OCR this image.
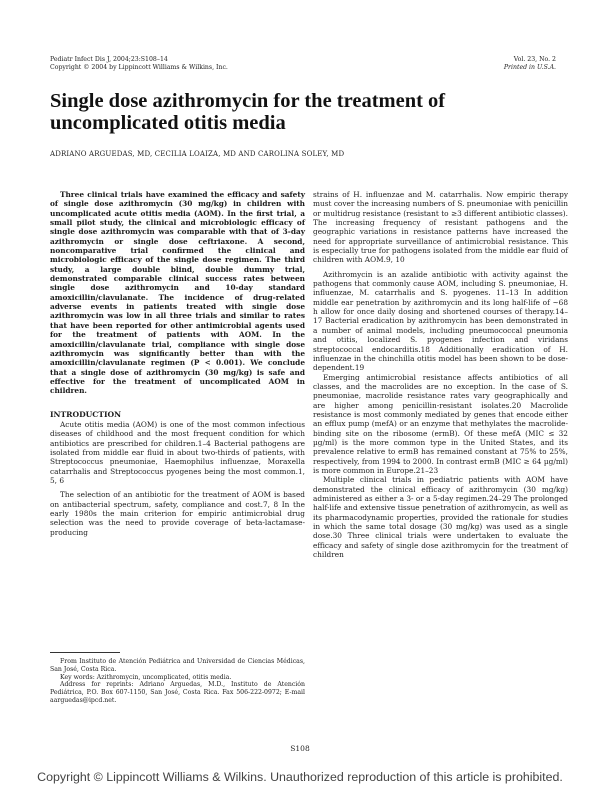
Pediatr Infect Dis J, 2004;23:S108–14
Copyright © 2004 by Lippincott Williams & Wilkins, Inc.
Vol. 23, No. 2
Printed in U.S.A.
Single dose azithromycin for the treatment of
uncomplicated otitis media
ADRIANO ARGUEDAS, MD, CECILIA LOAIZA, MD AND CAROLINA SOLEY, MD

Three clinical trials have examined the efficacy and safety of single dose azithromycin (30 mg/kg) in children with uncomplicated acute otitis media (AOM). In the first trial, a small pilot study, the clinical and microbiologic efficacy of single dose azithromycin was comparable with that of 3-day azithromycin or single dose ceftriaxone. A second, noncomparative trial confirmed the clinical and microbiologic efficacy of the single dose regimen. The third study, a large double blind, double dummy trial, demonstrated comparable clinical success rates between single dose azithromycin and 10-day standard amoxicillin/clavulanate. The incidence of drug-related adverse events in patients treated with single dose azithromycin was low in all three trials and similar to rates that have been reported for other antimicrobial agents used for the treatment of patients with AOM. In the amoxicillin/clavulanate trial, compliance with single dose azithromycin was significantly better than with the amoxicillin/clavulanate regimen (P < 0.001). We conclude that a single dose of azithromycin (30 mg/kg) is safe and effective for the treatment of uncomplicated AOM in children.

INTRODUCTION

Acute otitis media (AOM) is one of the most common infectious diseases of childhood and the most frequent condition for which antibiotics are prescribed for children.1–4 Bacterial pathogens are isolated from middle ear fluid in about two-thirds of patients, with Streptococcus pneumoniae, Haemophilus influenzae, Moraxella catarrhalis and Streptococcus pyogenes being the most common.1, 5, 6

The selection of an antibiotic for the treatment of AOM is based on antibacterial spectrum, safety, compliance and cost.7, 8 In the early 1980s the main criterion for empiric antimicrobial drug selection was the need to provide coverage of beta-lactamase-producing

strains of H. influenzae and M. catarrhalis. Now empiric therapy must cover the increasing numbers of S. pneumoniae with penicillin or multidrug resistance (resistant to ≥3 different antibiotic classes). The increasing frequency of resistant pathogens and the geographic variations in resistance patterns have increased the need for appropriate surveillance of antimicrobial resistance. This is especially true for pathogens isolated from the middle ear fluid of children with AOM.9, 10

Azithromycin is an azalide antibiotic with activity against the pathogens that commonly cause AOM, including S. pneumoniae, H. influenzae, M. catarrhalis and S. pyogenes. 11–13 In addition middle ear penetration by azithromycin and its long half-life of ~68 h allow for once daily dosing and shortened courses of therapy.14–17 Bacterial eradication by azithromycin has been demonstrated in a number of animal models, including pneumococcal pneumonia and otitis, localized S. pyogenes infection and viridans streptococcal endocarditis.18 Additionally eradication of H. influenzae in the chinchilla otitis model has been shown to be dose-dependent.19

Emerging antimicrobial resistance affects antibiotics of all classes, and the macrolides are no exception. In the case of S. pneumoniae, macrolide resistance rates vary geographically and are higher among penicillin-resistant isolates.20 Macrolide resistance is most commonly mediated by genes that encode either an efflux pump (mefA) or an enzyme that methylates the macrolide-binding site on the ribosome (ermB). Of these mefA (MIC ≤ 32 µg/ml) is the more common type in the United States, and its prevalence relative to ermB has remained constant at 75% to 25%, respectively, from 1994 to 2000. In contrast ermB (MIC ≥ 64 µg/ml) is more common in Europe.21–23

Multiple clinical trials in pediatric patients with AOM have demonstrated the clinical efficacy of azithromycin (30 mg/kg) administered as either a 3- or a 5-day regimen.24–29 The prolonged half-life and extensive tissue penetration of azithromycin, as well as its pharmacodynamic properties, provided the rationale for studies in which the same total dosage (30 mg/kg) was used as a single dose.30 Three clinical trials were undertaken to evaluate the efficacy and safety of single dose azithromycin for the treatment of children

From Instituto de Atención Pediátrica and Universidad de Ciencias Médicas, San José, Costa Rica.

Key words: Azithromycin, uncomplicated, otitis media.

Address for reprints: Adriano Arguedas, M.D., Instituto de Atención Pediátrica, P.O. Box 607-1150, San José, Costa Rica. Fax 506-222-0972; E-mail aarguedas@ipcd.net.

S108
Copyright © Lippincott Williams & Wilkins. Unauthorized reproduction of this article is prohibited.
